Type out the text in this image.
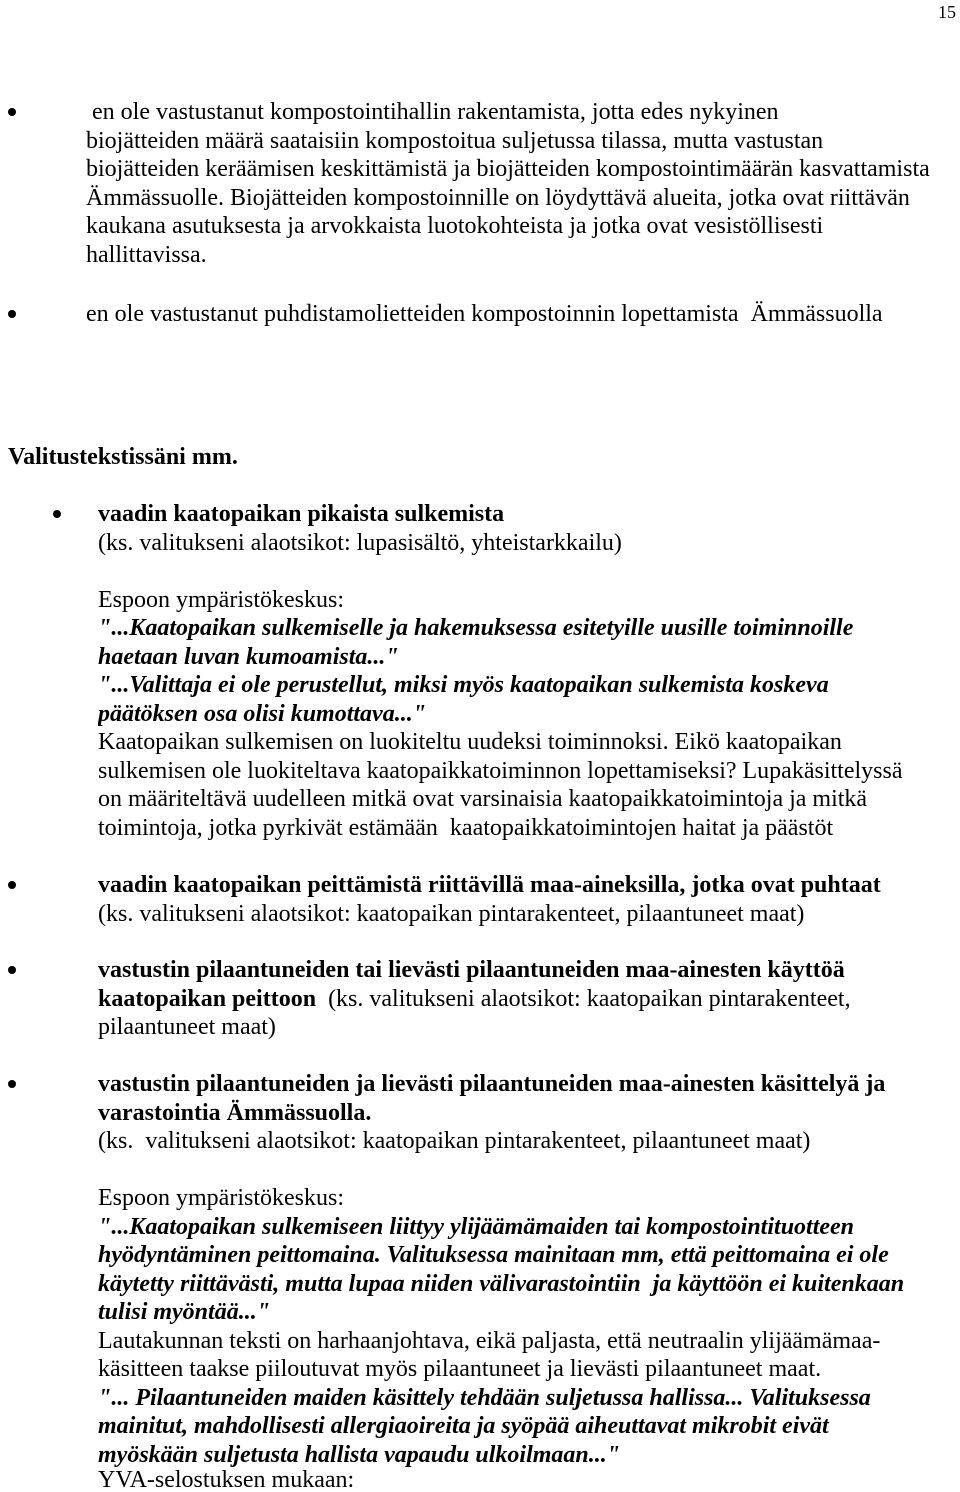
15
en ole vastustanut kompostointihallin rakentamista, jotta edes nykyinen
biojätteiden määrä saataisiin kompostoitua suljetussa tilassa, mutta vastustan
biojätteiden keräämisen keskittämistä ja biojätteiden kompostointimäärän kasvattamista
Ämmässuolle. Biojätteiden kompostoinnille on löydyttävä alueita, jotka ovat riittävän
kaukana asutuksesta ja arvokkaista luotokohteista ja jotka ovat vesistöllisesti
hallittavissa.
en ole vastustanut puhdistamolietteiden kompostoinnin lopettamista  Ämmässuolla
Valitustekstissäni mm.
vaadin kaatopaikan pikaista sulkemista
(ks. valitukseni alaotsikot: lupasisältö, yhteistarkkailu)
Espoon ympäristökeskus:
"...Kaatopaikan sulkemiselle ja hakemuksessa esitetyille uusille toiminnoille
haetaan luvan kumoamista..."
"...Valittaja ei ole perustellut, miksi myös kaatopaikan sulkemista koskeva
päätöksen osa olisi kumottava..."
Kaatopaikan sulkemisen on luokiteltu uudeksi toiminnoksi. Eikö kaatopaikan
sulkemisen ole luokiteltava kaatopaikkatoiminnon lopettamiseksi? Lupakäsittelyssä
on määriteltävä uudelleen mitkä ovat varsinaisia kaatopaikkatoimintoja ja mitkä
toimintoja, jotka pyrkivät estämään  kaatopaikkatoimintojen haitat ja päästöt
vaadin kaatopaikan peittämistä riittävillä maa-aineksilla, jotka ovat puhtaat
(ks. valitukseni alaotsikot: kaatopaikan pintarakenteet, pilaantuneet maat)
vastustin pilaantuneiden tai lievästi pilaantuneiden maa-ainesten käyttöä
kaatopaikan peittoon (ks. valitukseni alaotsikot: kaatopaikan pintarakenteet,
pilaantuneet maat)
vastustin pilaantuneiden ja lievästi pilaantuneiden maa-ainesten käsittelyä ja
varastointia Ämmässuolla.
(ks.  valitukseni alaotsikot: kaatopaikan pintarakenteet, pilaantuneet maat)
Espoon ympäristökeskus:
"...Kaatopaikan sulkemiseen liittyy ylijäämämaiden tai kompostointituotteen
hyödyntäminen peittomaina. Valituksessa mainitaan mm, että peittomaina ei ole
käytetty riittävästi, mutta lupaa niiden välivarastointiin  ja käyttöön ei kuitenkaan
tulisi myöntää..."
Lautakunnan teksti on harhaanjohtava, eikä paljasta, että neutraalin ylijäämämaa-
käsitteen taakse piiloutuvat myös pilaantuneet ja lievästi pilaantuneet maat.
"... Pilaantuneiden maiden käsittely tehdään suljetussa hallissa... Valituksessa
mainitut, mahdollisesti allergiaoireita ja syöpää aiheuttavat mikrobit eivät
myöskään suljetusta hallista vapaudu ulkoilmaan..."
YVA-selostuksen mukaan:
